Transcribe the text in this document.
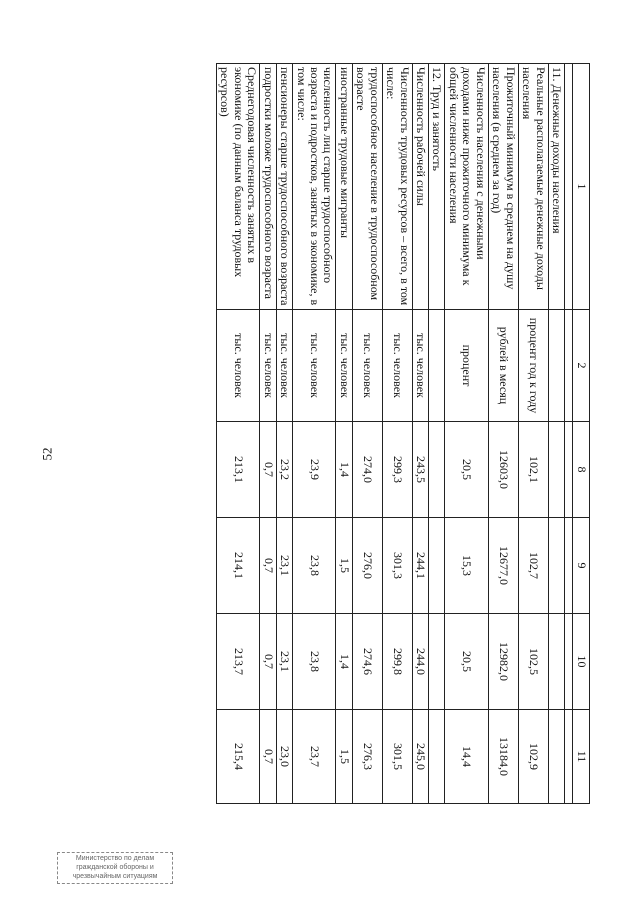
52
1	2	8	9	10	11

11. Денежные доходы населения					
Реальные располагаемые денежные доходы населения	процент год к году	102,1	102,7	102,5	102,9
Прожиточный минимум в среднем на душу населения (в среднем за год)	рублей в месяц	12603,0	12677,0	12982,0	13184,0
Численность населения с денежными доходами ниже прожиточного минимума к общей численности населения	процент	20,5	15,3	20,5	14,4
12. Труд и занятость					
Численность рабочей силы	тыс. человек	243,5	244,1	244,0	245,0
Численность трудовых ресурсов – всего, в том числе:	тыс. человек	299,3	301,3	299,8	301,5
трудоспособное население в трудоспособном возрасте	тыс. человек	274,0	276,0	274,6	276,3
иностранные трудовые мигранты	тыс. человек	1,4	1,5	1,4	1,5
численность лиц старше трудоспособного возраста и подростков, занятых в экономике, в том числе:	тыс. человек	23,9	23,8	23,8	23,7
пенсионеры старше трудоспособного возраста	тыс. человек	23,2	23,1	23,1	23,0
подростки моложе трудоспособного возраста	тыс. человек	0,7	0,7	0,7	0,7
Среднегодовая численность занятых в экономике (по данным баланса трудовых ресурсов)	тыс. человек	213,1	214,1	213,7	215,4
Министерство по делам
гражданской обороны и
чрезвычайным ситуациям
